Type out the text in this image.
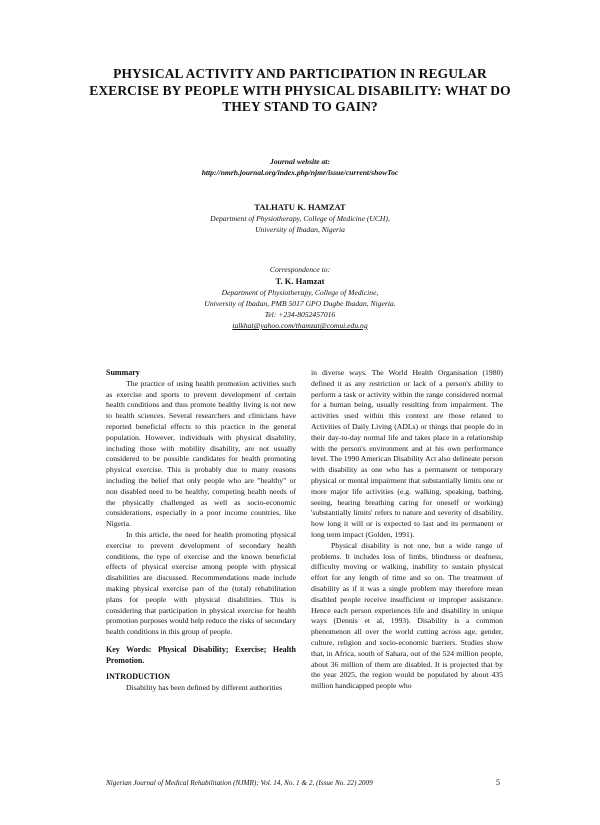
PHYSICAL ACTIVITY AND PARTICIPATION IN REGULAR EXERCISE BY PEOPLE WITH PHYSICAL DISABILITY: WHAT DO THEY STAND TO GAIN?
Journal website at:
http://nmrh.journal.org/index.php/njmr/issue/current/showToc
TALHATU K. HAMZAT
Department of Physiotherapy, College of Medicine (UCH),
University of Ibadan, Nigeria
Correspondence to:
T. K. Hamzat
Department of Physiotherapy, College of Medicine,
University of Ibadan, PMB 5017 GPO Dugbe Ibadan, Nigeria.
Tel: +234-8052457016
talkhat@yahoo.com/thamzat@comui.edu.ng

Summary

The practice of using health promotion activities such as exercise and sports to prevent development of certain health conditions and thus promote healthy living is not new to health sciences. Several researchers and clinicians have reported beneficial effects to this practice in the general population. However, individuals with physical disability, including those with mobility disability, are not usually considered to be possible candidates for health promoting physical exercise. This is probably due to many reasons including the belief that only people who are "healthy" or non disabled need to be healthy, competing health needs of the physically challenged as well as socio-economic considerations, especially in a poor income countries, like Nigeria.

In this article, the need for health promoting physical exercise to prevent development of secondary health conditions, the type of exercise and the known beneficial effects of physical exercise among people with physical disabilities are discussed. Recommendations made include making physical exercise part of the (total) rehabilitation plans for people with physical disabilities. This is considering that participation in physical exercise for health promotion purposes would help reduce the risks of secondary health conditions in this group of people.

Key Words: Physical Disability; Exercise; Health Promotion.

INTRODUCTION

Disability has been defined by different authorities

in diverse ways. The World Health Organisation (1980) defined it as any restriction or lack of a person's ability to perform a task or activity within the range considered normal for a human being, usually resulting from impairment. The activities used within this context are those related to Activities of Daily Living (ADLs) or things that people do in their day-to-day normal life and takes place in a relationship with the person's environment and at his own performance level. The 1990 American Disability Act also delineate person with disability as one who has a permanent or temporary physical or mental impairment that substantially limits one or more major life activities (e.g. walking, speaking, bathing, seeing, hearing breathing caring for oneself or working) 'substantially limits' refers to nature and severity of disability, how long it will or is expected to last and its permanent or long term impact (Golden, 1991).

Physical disability is not one, but a wide range of problems. It includes loss of limbs, blindness or deafness, difficulty moving or walking, inability to sustain physical effort for any length of time and so on. The treatment of disability as if it was a single problem may therefore mean disabled people receive insufficient or improper assistance. Hence each person experiences life and disability in unique ways (Dennis et al, 1993). Disability is a common phenomenon all over the world cutting across age, gender, culture, religion and socio-economic barriers. Studies show that, in Africa, south of Sahara, out of the 524 million people, about 36 million of them are disabled. It is projected that by the year 2025, the region would be populated by about 435 million handicapped people who

Nigerian Journal of Medical Rehabilitation (NJMR); Vol. 14, No. 1 & 2, (Issue No. 22) 2009	5
